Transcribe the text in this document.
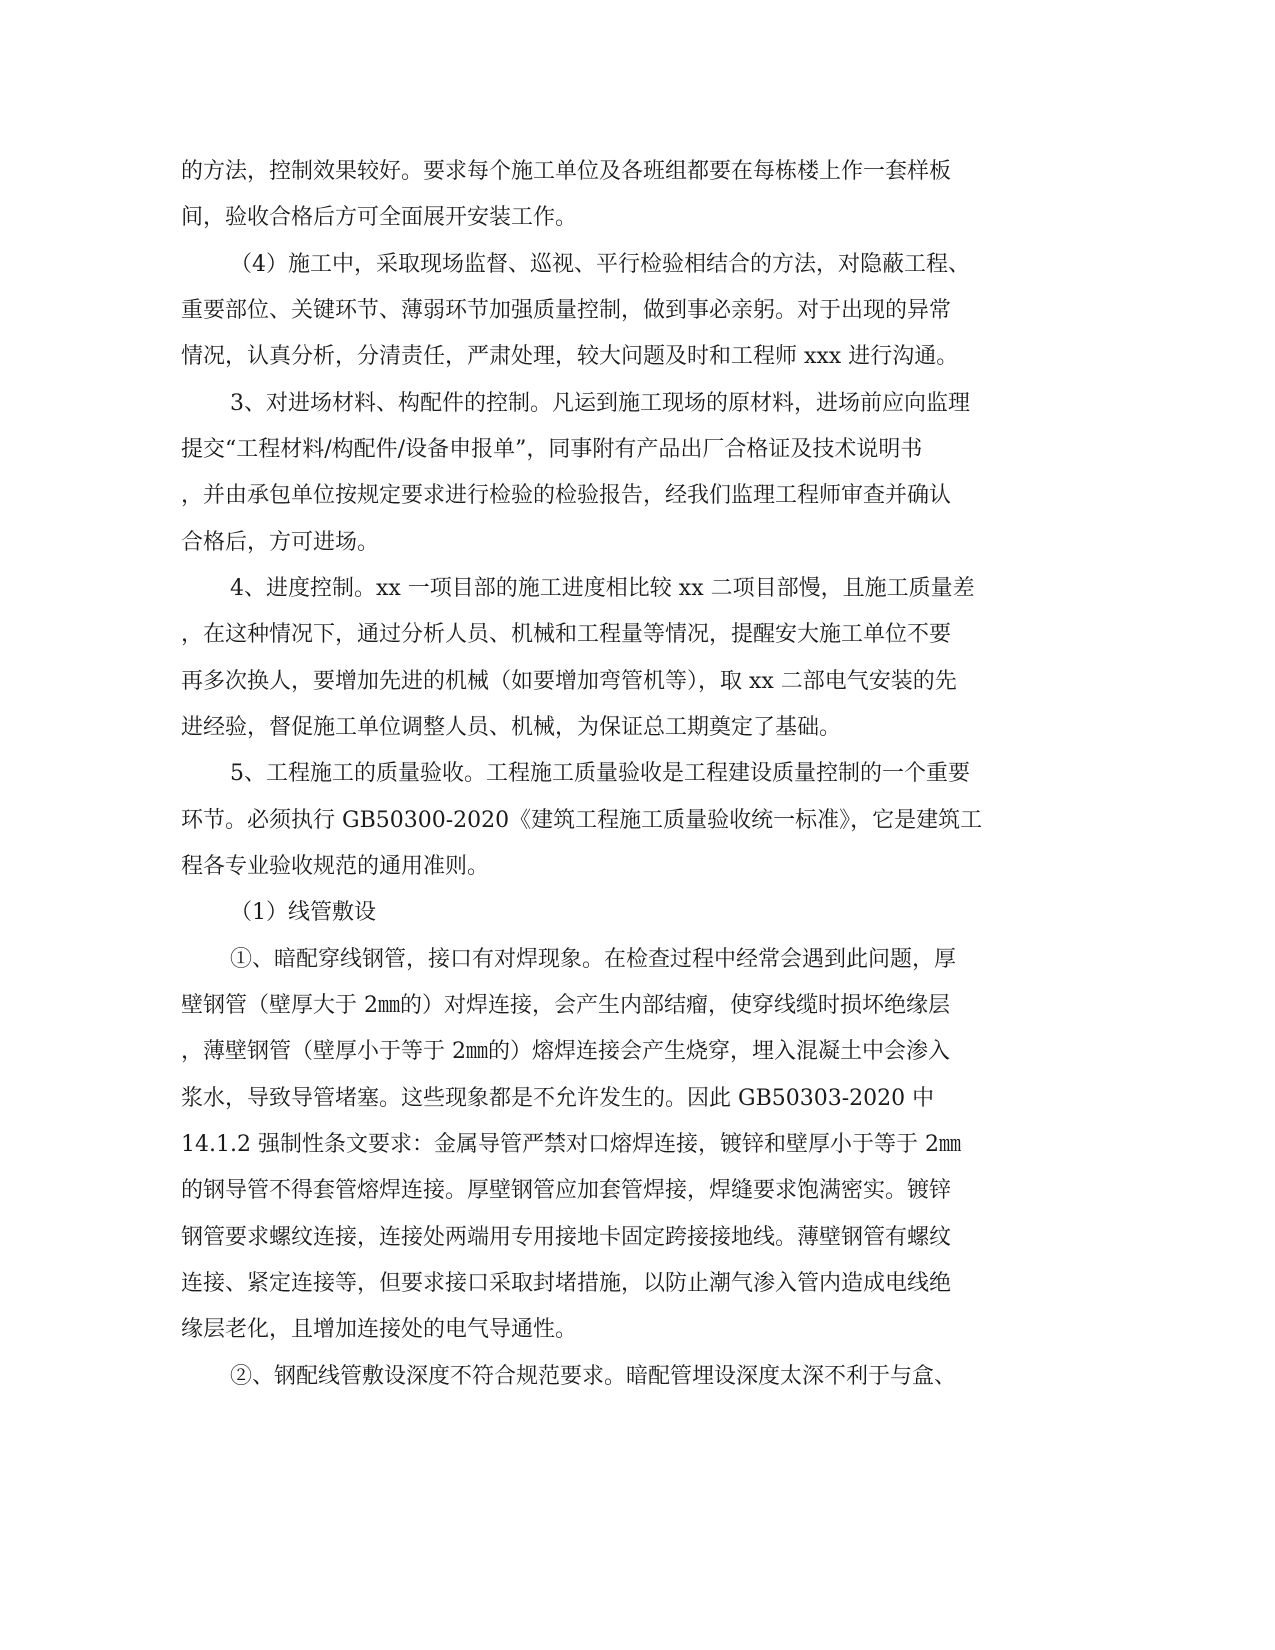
的方法，控制效果较好。要求每个施工单位及各班组都要在每栋楼上作一套样板
间，验收合格后方可全面展开安装工作。
（4）施工中，采取现场监督、巡视、平行检验相结合的方法，对隐蔽工程、
重要部位、关键环节、薄弱环节加强质量控制，做到事必亲躬。对于出现的异常
情况，认真分析，分清责任，严肃处理，较大问题及时和工程师 xxx 进行沟通。
3、对进场材料、构配件的控制。凡运到施工现场的原材料，进场前应向监理
提交“工程材料/构配件/设备申报单”，同事附有产品出厂合格证及技术说明书
，并由承包单位按规定要求进行检验的检验报告，经我们监理工程师审查并确认
合格后，方可进场。
4、进度控制。xx 一项目部的施工进度相比较 xx 二项目部慢，且施工质量差
，在这种情况下，通过分析人员、机械和工程量等情况，提醒安大施工单位不要
再多次换人，要增加先进的机械（如要增加弯管机等），取 xx 二部电气安装的先
进经验，督促施工单位调整人员、机械，为保证总工期奠定了基础。
5、工程施工的质量验收。工程施工质量验收是工程建设质量控制的一个重要
环节。必须执行 GB50300-2020《建筑工程施工质量验收统一标准》，它是建筑工
程各专业验收规范的通用准则。
（1）线管敷设
①、暗配穿线钢管，接口有对焊现象。在检查过程中经常会遇到此问题，厚
壁钢管（壁厚大于 2㎜的）对焊连接，会产生内部结瘤，使穿线缆时损坏绝缘层
，薄壁钢管（壁厚小于等于 2㎜的）熔焊连接会产生烧穿，埋入混凝土中会渗入
浆水，导致导管堵塞。这些现象都是不允许发生的。因此 GB50303-2020 中
14.1.2 强制性条文要求：金属导管严禁对口熔焊连接，镀锌和壁厚小于等于 2㎜
的钢导管不得套管熔焊连接。厚壁钢管应加套管焊接，焊缝要求饱满密实。镀锌
钢管要求螺纹连接，连接处两端用专用接地卡固定跨接接地线。薄壁钢管有螺纹
连接、紧定连接等，但要求接口采取封堵措施，以防止潮气渗入管内造成电线绝
缘层老化，且增加连接处的电气导通性。
②、钢配线管敷设深度不符合规范要求。暗配管埋设深度太深不利于与盒、
